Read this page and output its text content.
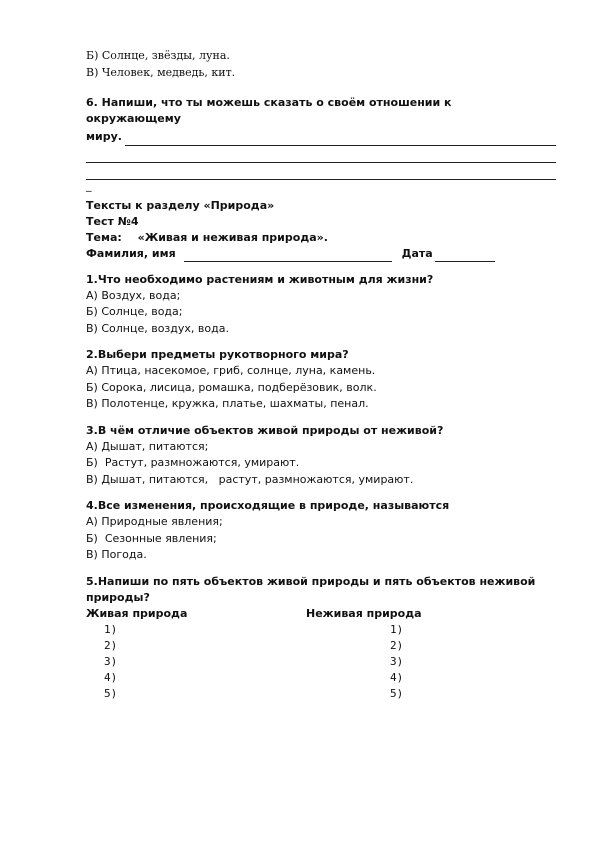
Б) Солнце, звёзды, луна.
В) Человек, медведь, кит.
6. Напиши, что ты можешь сказать о своём отношении к окружающему
миру.
_
Тексты к разделу «Природа»
Тест №4
Тема: «Живая и неживая природа».
Фамилия, имя	Дата
1.Что необходимо растениям и животным для жизни?
А) Воздух, вода;
Б) Солнце, вода;
В) Солнце, воздух, вода.
2.Выбери предметы рукотворного мира?
А) Птица, насекомое, гриб, солнце, луна, камень.
Б) Сорока, лисица, ромашка, подберёзовик, волк.
В) Полотенце, кружка, платье, шахматы, пенал.
3.В чём отличие объектов живой природы от неживой?
А) Дышат, питаются;
Б)  Растут, размножаются, умирают.
В) Дышат, питаются,   растут, размножаются, умирают.
4.Все изменения, происходящие в природе, называются
А) Природные явления;
Б)  Сезонные явления;
В) Погода.
5.Напиши по пять объектов живой природы и пять объектов неживой природы?
Живая природа	Неживая природа
1)
2)
3)
4)
5)
1)
2)
3)
4)
5)
